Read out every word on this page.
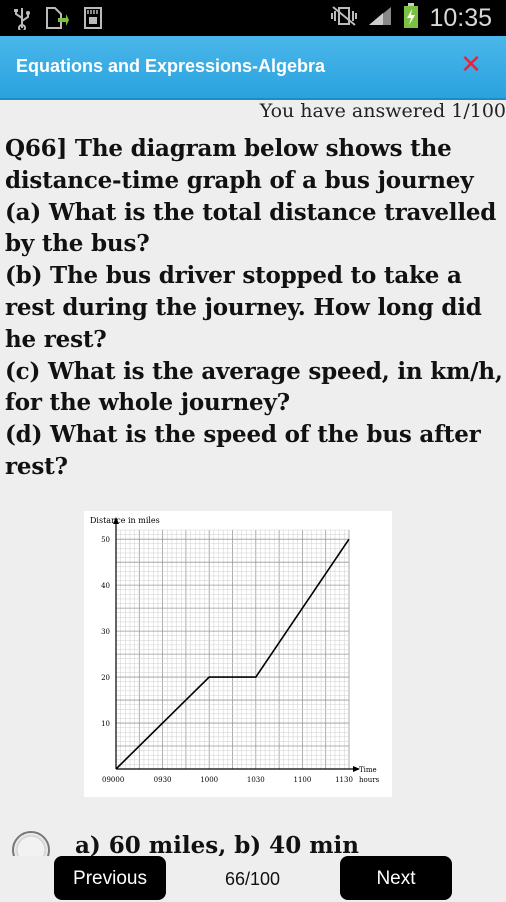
10:35
Equations and Expressions-Algebra	✕
You have answered 1/100

Q66] The diagram below shows the distance-time graph of a bus journey

(a) What is the total distance travelled by the bus?

(b) The bus driver stopped to take a rest during the journey. How long did he rest?

(c) What is the average speed, in km/h, for the whole journey?

(d) What is the speed of the bus after rest?

Distance in miles
Time
hours
10
20
30
40
50
09000	0930	1000	1030	1100	1130
a) 60 miles, b) 40 min
Previous	66/100	Next
